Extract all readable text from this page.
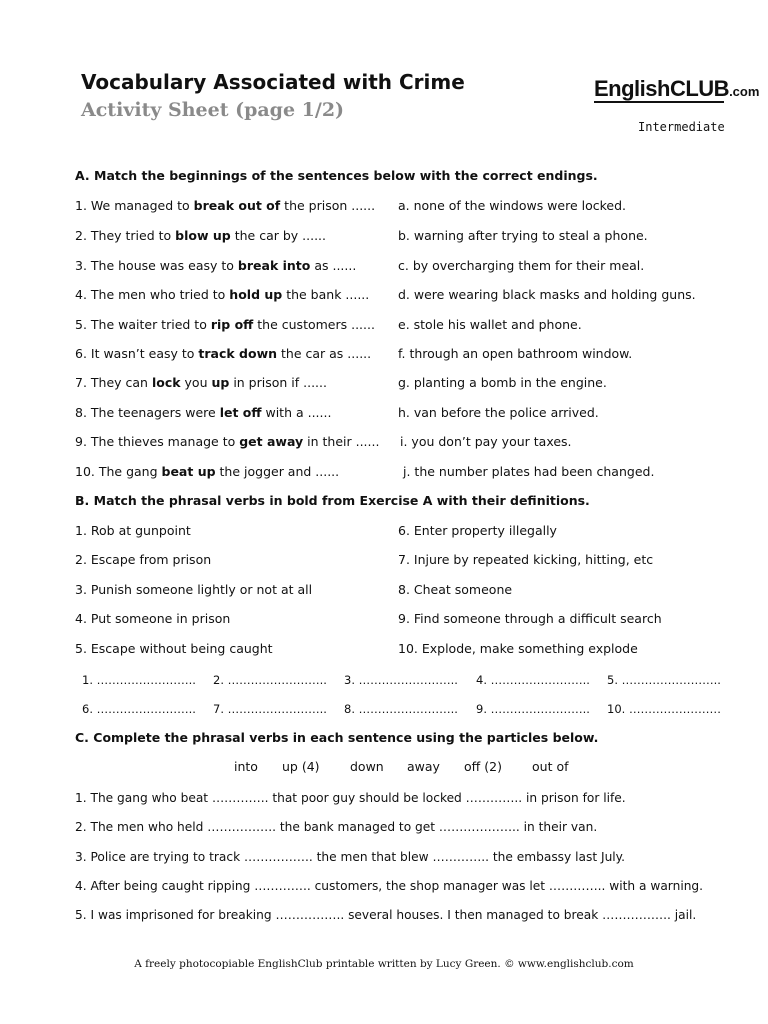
Vocabulary Associated with Crime
Activity Sheet (page 1/2)
EnglishCLUB.com
Intermediate
A. Match the beginnings of the sentences below with the correct endings.
1. We managed to break out of the prison ......
2. They tried to blow up the car by ......
3. The house was easy to break into as ......
4. The men who tried to hold up the bank ......
5. The waiter tried to rip off the customers ......
6. It wasn’t easy to track down the car as ......
7. They can lock you up in prison if ......
8. The teenagers were let off with a ......
9. The thieves manage to get away in their ......
10. The gang beat up the jogger and ......
a. none of the windows were locked.
b. warning after trying to steal a phone.
c. by overcharging them for their meal.
d. were wearing black masks and holding guns.
e. stole his wallet and phone.
f. through an open bathroom window.
g. planting a bomb in the engine.
h. van before the police arrived.
i. you don’t pay your taxes.
j. the number plates had been changed.
B. Match the phrasal verbs in bold from Exercise A with their definitions.
1. Rob at gunpoint
2. Escape from prison
3. Punish someone lightly or not at all
4. Put someone in prison
5. Escape without being caught
6. Enter property illegally
7. Injure by repeated kicking, hitting, etc
8. Cheat someone
9. Find someone through a difficult search
10. Explode, make something explode
1. …………………….. 2. …………………….. 3. …………………….. 4. …………………….. 5. ……………………..
6. …………………….. 7. …………………….. 8. …………………….. 9. …………………….. 10. ……………………
C. Complete the phrasal verbs in each sentence using the particles below.
into up (4) down away off (2) out of
1. The gang who beat ………….. that poor guy should be locked ………….. in prison for life.
2. The men who held …………….. the bank managed to get ……………….. in their van.
3. Police are trying to track …………….. the men that blew ………….. the embassy last July.
4. After being caught ripping ………….. customers, the shop manager was let ………….. with a warning.
5. I was imprisoned for breaking …………….. several houses. I then managed to break …………….. jail.
A freely photocopiable EnglishClub printable written by Lucy Green. © www.englishclub.com
